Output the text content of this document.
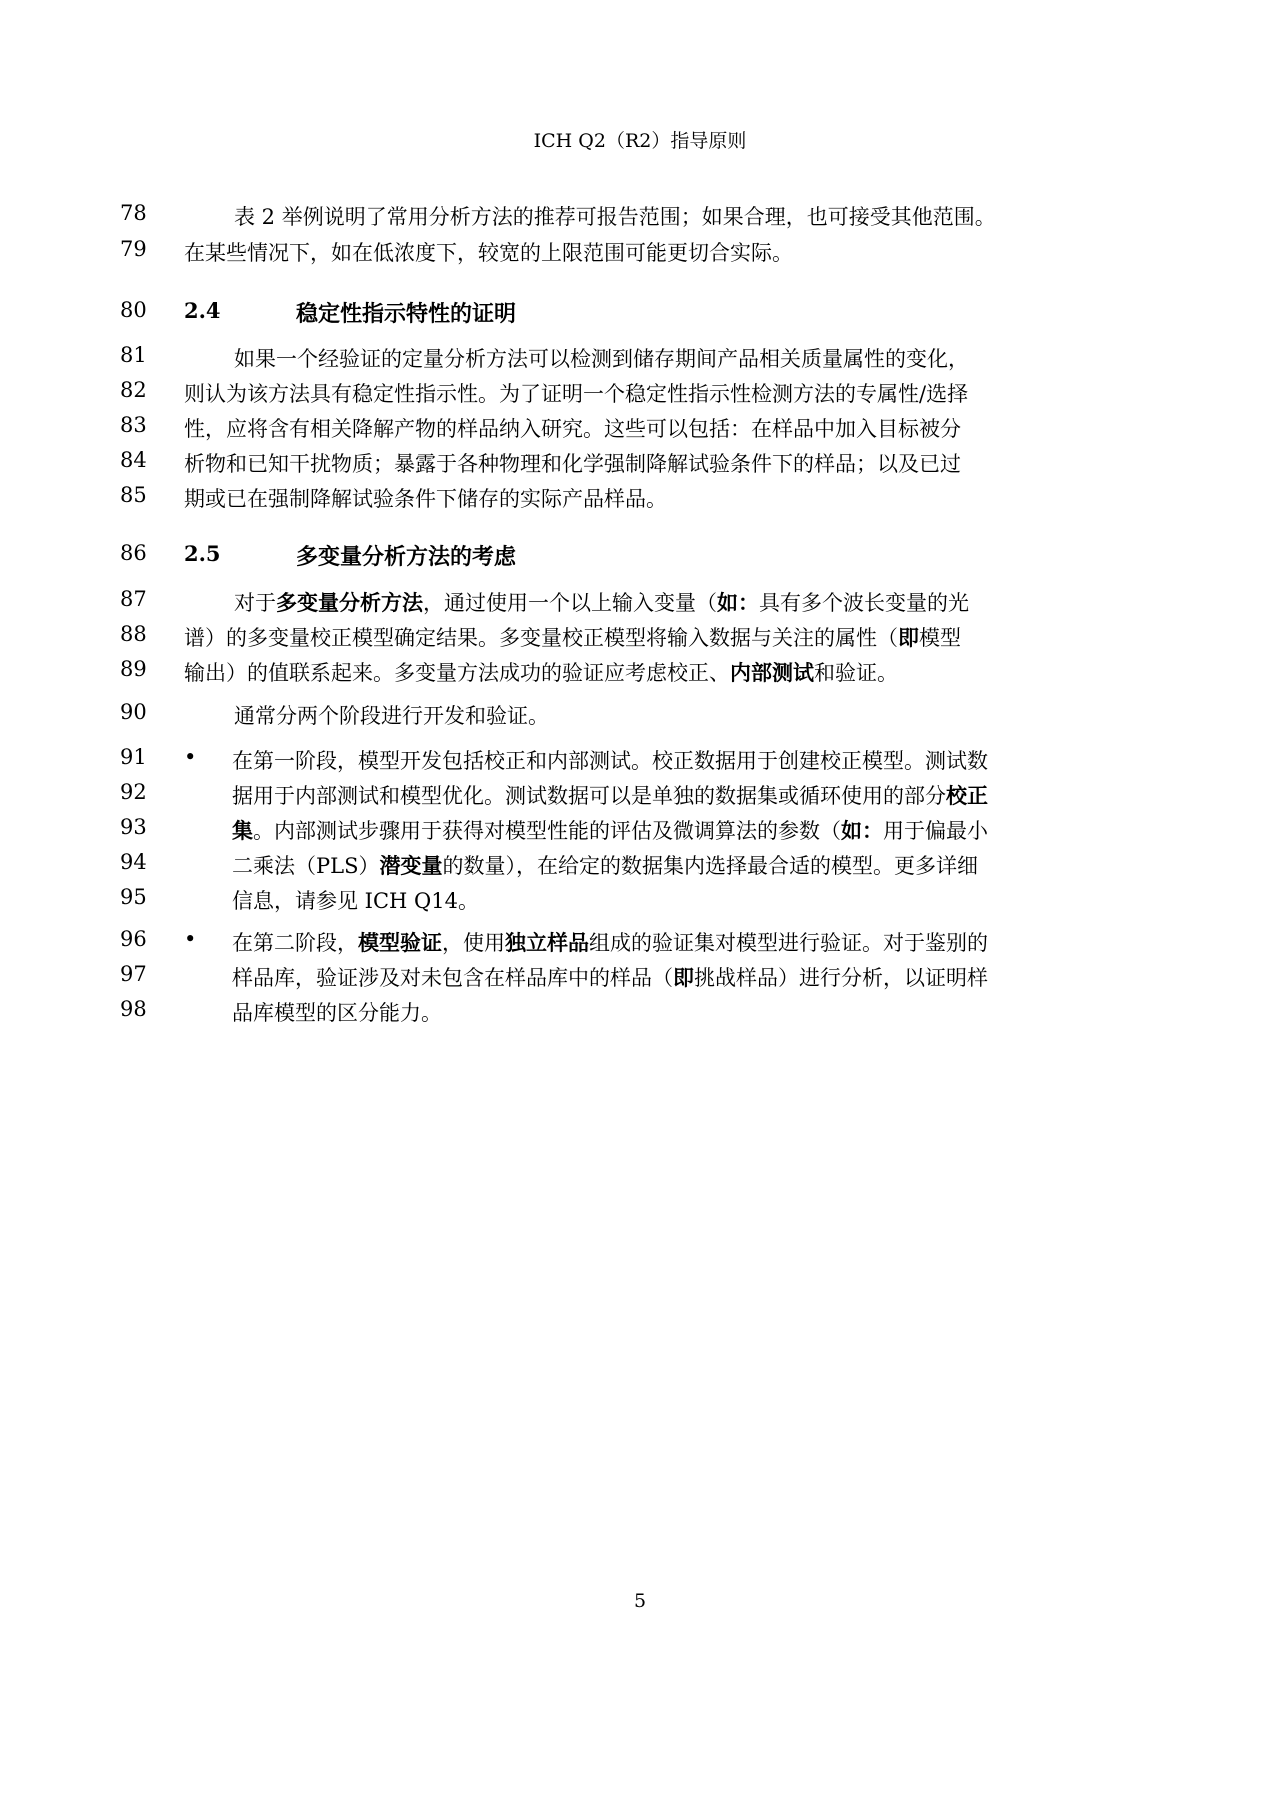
ICH Q2（R2）指导原则
78	表 2 举例说明了常用分析方法的推荐可报告范围；如果合理，也可接受其他范围。
79	在某些情况下，如在低浓度下，较宽的上限范围可能更切合实际。
80	2.4	稳定性指示特性的证明
81	如果一个经验证的定量分析方法可以检测到储存期间产品相关质量属性的变化，
82	则认为该方法具有稳定性指示性。为了证明一个稳定性指示性检测方法的专属性/选择
83	性，应将含有相关降解产物的样品纳入研究。这些可以包括：在样品中加入目标被分
84	析物和已知干扰物质；暴露于各种物理和化学强制降解试验条件下的样品；以及已过
85	期或已在强制降解试验条件下储存的实际产品样品。
86	2.5	多变量分析方法的考虑
87	对于多变量分析方法，通过使用一个以上输入变量（如：具有多个波长变量的光
88	谱）的多变量校正模型确定结果。多变量校正模型将输入数据与关注的属性（即模型
89	输出）的值联系起来。多变量方法成功的验证应考虑校正、内部测试和验证。
90	通常分两个阶段进行开发和验证。
91	• 在第一阶段，模型开发包括校正和内部测试。校正数据用于创建校正模型。测试数
92	据用于内部测试和模型优化。测试数据可以是单独的数据集或循环使用的部分校正
93	集。内部测试步骤用于获得对模型性能的评估及微调算法的参数（如：用于偏最小
94	二乘法（PLS）潜变量的数量），在给定的数据集内选择最合适的模型。更多详细
95	信息，请参见 ICH Q14。
96	• 在第二阶段，模型验证，使用独立样品组成的验证集对模型进行验证。对于鉴别的
97	样品库，验证涉及对未包含在样品库中的样品（即挑战样品）进行分析，以证明样
98	品库模型的区分能力。
5
